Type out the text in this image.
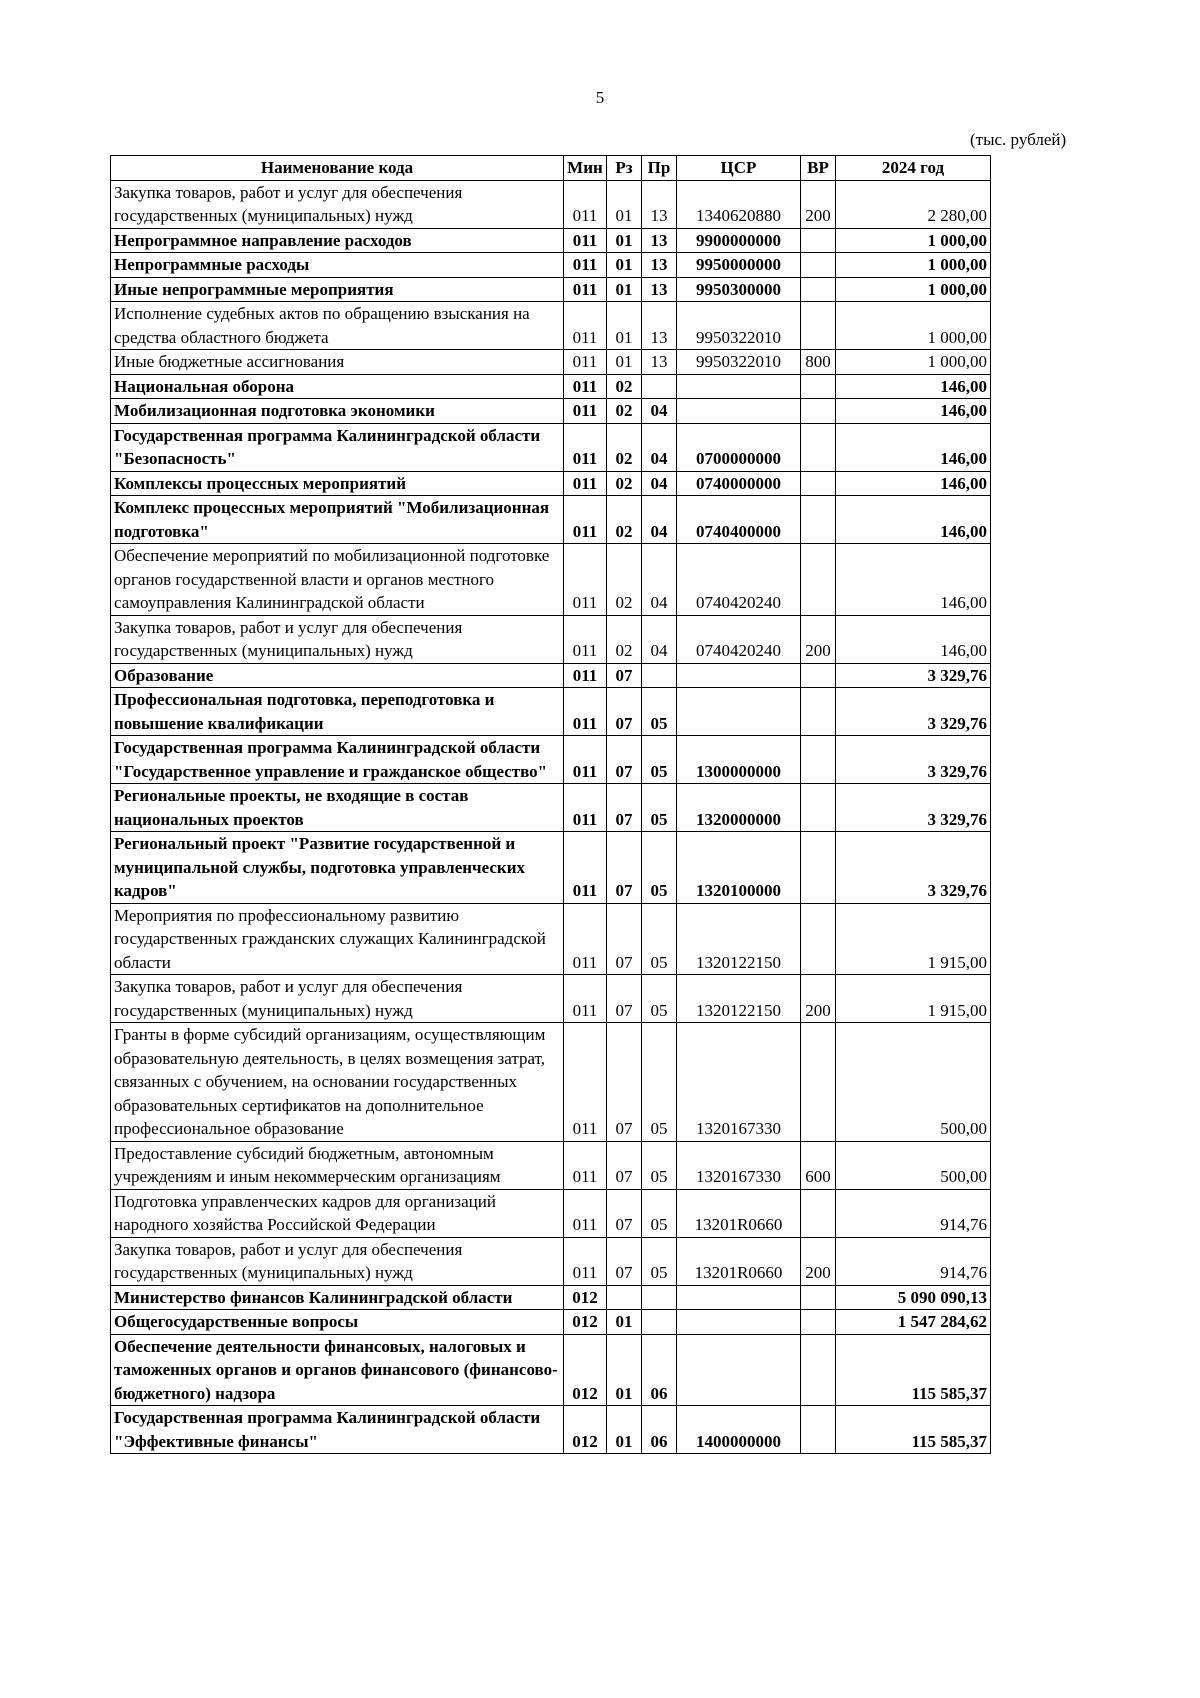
5
(тыс. рублей)
Наименование кода	Мин	Рз	Пр	ЦСР	ВР	2024 год
Закупка товаров, работ и услуг для обеспечения государственных (муниципальных) нужд	011	01	13	1340620880	200	2 280,00
Непрограммное направление расходов	011	01	13	9900000000		1 000,00
Непрограммные расходы	011	01	13	9950000000		1 000,00
Иные непрограммные мероприятия	011	01	13	9950300000		1 000,00
Исполнение судебных актов по обращению взыскания на средства областного бюджета	011	01	13	9950322010		1 000,00
Иные бюджетные ассигнования	011	01	13	9950322010	800	1 000,00
Национальная оборона	011	02				146,00
Мобилизационная подготовка экономики	011	02	04			146,00
Государственная программа Калининградской области "Безопасность"	011	02	04	0700000000		146,00
Комплексы процессных мероприятий	011	02	04	0740000000		146,00
Комплекс процессных мероприятий "Мобилизационная подготовка"	011	02	04	0740400000		146,00
Обеспечение мероприятий по мобилизационной подготовке органов государственной власти и органов местного самоуправления Калининградской области	011	02	04	0740420240		146,00
Закупка товаров, работ и услуг для обеспечения государственных (муниципальных) нужд	011	02	04	0740420240	200	146,00
Образование	011	07				3 329,76
Профессиональная подготовка, переподготовка и повышение квалификации	011	07	05			3 329,76
Государственная программа Калининградской области "Государственное управление и гражданское общество"	011	07	05	1300000000		3 329,76
Региональные проекты, не входящие в состав национальных проектов	011	07	05	1320000000		3 329,76
Региональный проект "Развитие государственной и муниципальной службы, подготовка управленческих кадров"	011	07	05	1320100000		3 329,76
Мероприятия по профессиональному развитию государственных гражданских служащих Калининградской области	011	07	05	1320122150		1 915,00
Закупка товаров, работ и услуг для обеспечения государственных (муниципальных) нужд	011	07	05	1320122150	200	1 915,00
Гранты в форме субсидий организациям, осуществляющим образовательную деятельность, в целях возмещения затрат, связанных с обучением, на основании государственных образовательных сертификатов на дополнительное профессиональное образование	011	07	05	1320167330		500,00
Предоставление субсидий бюджетным, автономным учреждениям и иным некоммерческим организациям	011	07	05	1320167330	600	500,00
Подготовка управленческих кадров для организаций народного хозяйства Российской Федерации	011	07	05	13201R0660		914,76
Закупка товаров, работ и услуг для обеспечения государственных (муниципальных) нужд	011	07	05	13201R0660	200	914,76
Министерство финансов Калининградской области	012					5 090 090,13
Общегосударственные вопросы	012	01				1 547 284,62
Обеспечение деятельности финансовых, налоговых и таможенных органов и органов финансового (финансово-бюджетного) надзора	012	01	06			115 585,37
Государственная программа Калининградской области "Эффективные финансы"	012	01	06	1400000000		115 585,37
